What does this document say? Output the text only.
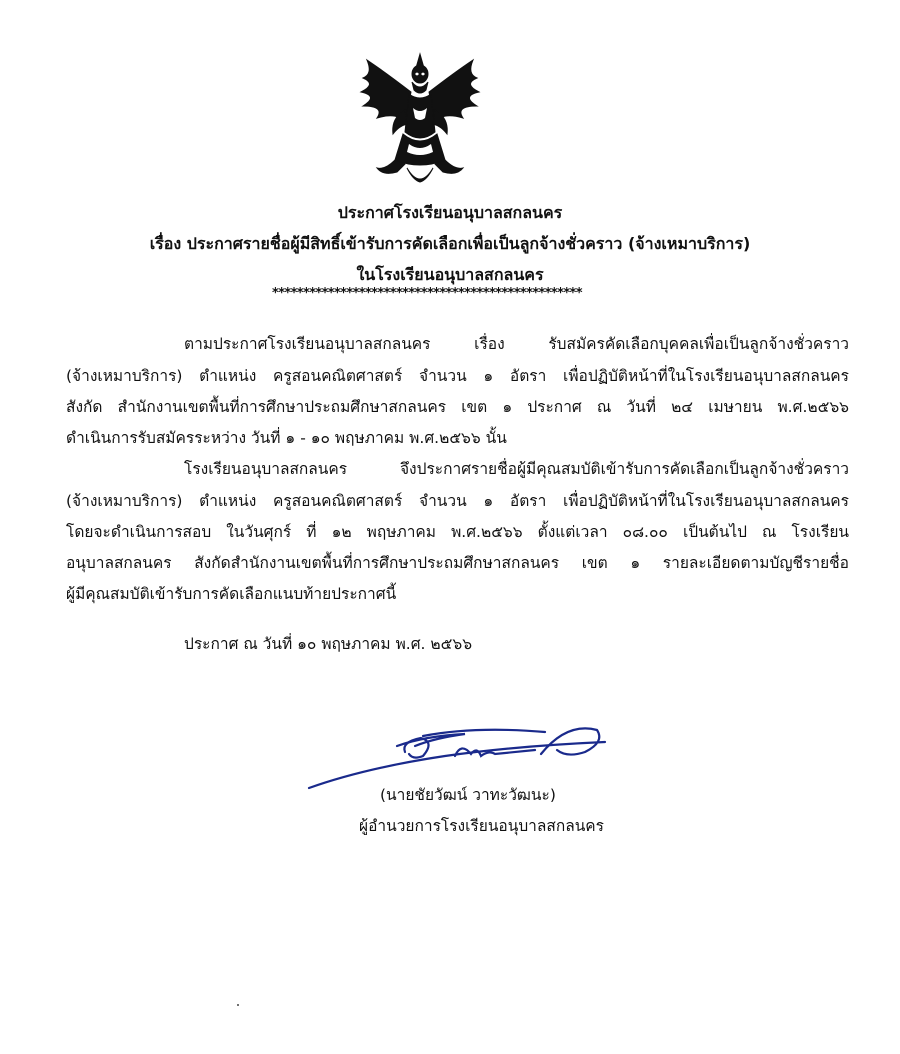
ประกาศโรงเรียนอนุบาลสกลนคร
เรื่อง ประกาศรายชื่อผู้มีสิทธิ์เข้ารับการคัดเลือกเพื่อเป็นลูกจ้างชั่วคราว (จ้างเหมาบริการ)
ในโรงเรียนอนุบาลสกลนคร
**************************************************
ตามประกาศโรงเรียนอนุบาลสกลนคร เรื่อง รับสมัครคัดเลือกบุคคลเพื่อเป็นลูกจ้างชั่วคราว
(จ้างเหมาบริการ) ตำแหน่ง ครูสอนคณิตศาสตร์ จำนวน ๑ อัตรา เพื่อปฏิบัติหน้าที่ในโรงเรียนอนุบาลสกลนคร
สังกัด สำนักงานเขตพื้นที่การศึกษาประถมศึกษาสกลนคร เขต ๑ ประกาศ ณ วันที่ ๒๔ เมษายน พ.ศ.๒๕๖๖
ดำเนินการรับสมัครระหว่าง วันที่ ๑ - ๑๐ พฤษภาคม พ.ศ.๒๕๖๖ นั้น
โรงเรียนอนุบาลสกลนคร จึงประกาศรายชื่อผู้มีคุณสมบัติเข้ารับการคัดเลือกเป็นลูกจ้างชั่วคราว
(จ้างเหมาบริการ) ตำแหน่ง ครูสอนคณิตศาสตร์ จำนวน ๑ อัตรา เพื่อปฏิบัติหน้าที่ในโรงเรียนอนุบาลสกลนคร
โดยจะดำเนินการสอบ ในวันศุกร์ ที่ ๑๒ พฤษภาคม พ.ศ.๒๕๖๖ ตั้งแต่เวลา ๐๘.๐๐ เป็นต้นไป ณ โรงเรียน
อนุบาลสกลนคร สังกัดสำนักงานเขตพื้นที่การศึกษาประถมศึกษาสกลนคร เขต ๑ รายละเอียดตามบัญชีรายชื่อ
ผู้มีคุณสมบัติเข้ารับการคัดเลือกแนบท้ายประกาศนี้
ประกาศ ณ วันที่ ๑๐ พฤษภาคม พ.ศ. ๒๕๖๖
(นายชัยวัฒน์ วาทะวัฒนะ)
ผู้อำนวยการโรงเรียนอนุบาลสกลนคร
